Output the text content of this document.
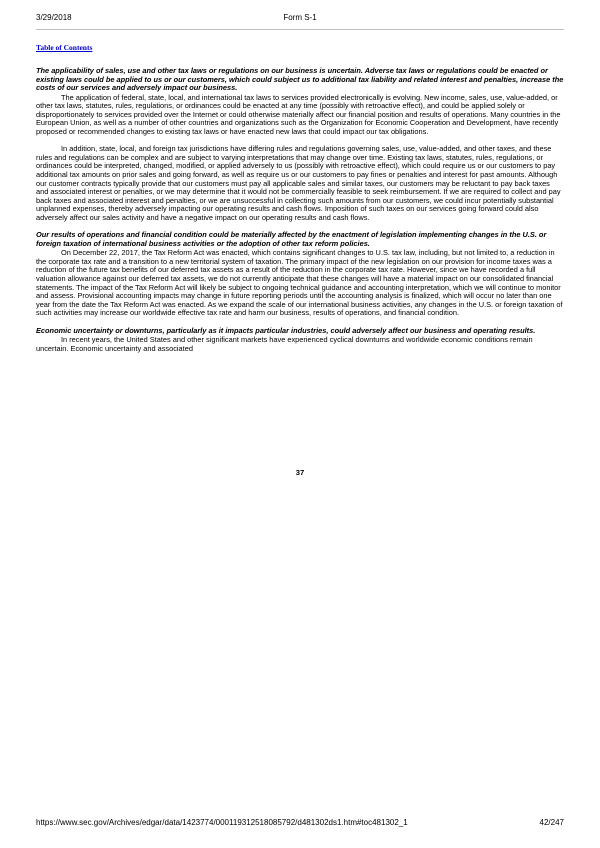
3/29/2018	Form S-1
Table of Contents

The applicability of sales, use and other tax laws or regulations on our business is uncertain. Adverse tax laws or regulations could be enacted or existing laws could be applied to us or our customers, which could subject us to additional tax liability and related interest and penalties, increase the costs of our services and adversely impact our business.

The application of federal, state, local, and international tax laws to services provided electronically is evolving. New income, sales, use, value-added, or other tax laws, statutes, rules, regulations, or ordinances could be enacted at any time (possibly with retroactive effect), and could be applied solely or disproportionately to services provided over the Internet or could otherwise materially affect our financial position and results of operations. Many countries in the European Union, as well as a number of other countries and organizations such as the Organization for Economic Cooperation and Development, have recently proposed or recommended changes to existing tax laws or have enacted new laws that could impact our tax obligations.

In addition, state, local, and foreign tax jurisdictions have differing rules and regulations governing sales, use, value-added, and other taxes, and these rules and regulations can be complex and are subject to varying interpretations that may change over time. Existing tax laws, statutes, rules, regulations, or ordinances could be interpreted, changed, modified, or applied adversely to us (possibly with retroactive effect), which could require us or our customers to pay additional tax amounts on prior sales and going forward, as well as require us or our customers to pay fines or penalties and interest for past amounts. Although our customer contracts typically provide that our customers must pay all applicable sales and similar taxes, our customers may be reluctant to pay back taxes and associated interest or penalties, or we may determine that it would not be commercially feasible to seek reimbursement. If we are required to collect and pay back taxes and associated interest and penalties, or we are unsuccessful in collecting such amounts from our customers, we could incur potentially substantial unplanned expenses, thereby adversely impacting our operating results and cash flows. Imposition of such taxes on our services going forward could also adversely affect our sales activity and have a negative impact on our operating results and cash flows.

Our results of operations and financial condition could be materially affected by the enactment of legislation implementing changes in the U.S. or foreign taxation of international business activities or the adoption of other tax reform policies.

On December 22, 2017, the Tax Reform Act was enacted, which contains significant changes to U.S. tax law, including, but not limited to, a reduction in the corporate tax rate and a transition to a new territorial system of taxation. The primary impact of the new legislation on our provision for income taxes was a reduction of the future tax benefits of our deferred tax assets as a result of the reduction in the corporate tax rate. However, since we have recorded a full valuation allowance against our deferred tax assets, we do not currently anticipate that these changes will have a material impact on our consolidated financial statements. The impact of the Tax Reform Act will likely be subject to ongoing technical guidance and accounting interpretation, which we will continue to monitor and assess. Provisional accounting impacts may change in future reporting periods until the accounting analysis is finalized, which will occur no later than one year from the date the Tax Reform Act was enacted. As we expand the scale of our international business activities, any changes in the U.S. or foreign taxation of such activities may increase our worldwide effective tax rate and harm our business, results of operations, and financial condition.

Economic uncertainty or downturns, particularly as it impacts particular industries, could adversely affect our business and operating results.

In recent years, the United States and other significant markets have experienced cyclical downturns and worldwide economic conditions remain uncertain. Economic uncertainty and associated

37
https://www.sec.gov/Archives/edgar/data/1423774/000119312518085792/d481302ds1.htm#toc481302_1	42/247
